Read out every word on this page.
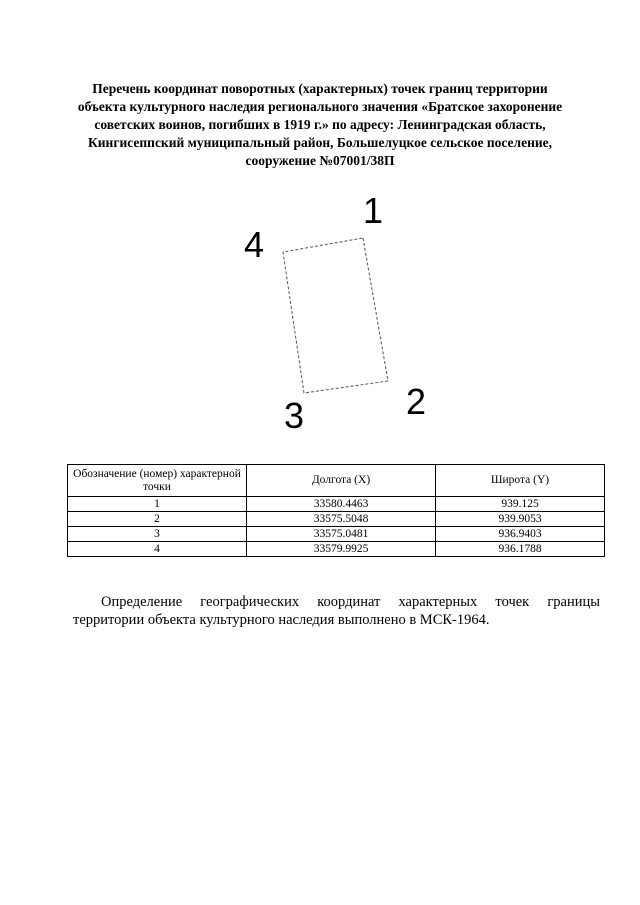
Перечень координат поворотных (характерных) точек границ территории
объекта культурного наследия регионального значения «Братское захоронение
советских воинов, погибших в 1919 г.» по адресу: Ленинградская область,
Кингисеппский муниципальный район, Большелуцкое сельское поселение,
сооружение №07001/38П
1
2
3
4
Обозначение (номер) характерной точки	Долгота (X)	Широта (Y)
1	33580.4463	939.125
2	33575.5048	939.9053
3	33575.0481	936.9403
4	33579.9925	936.1788

Определение географических координат характерных точек границы территории объекта культурного наследия выполнено в МСК-1964.
